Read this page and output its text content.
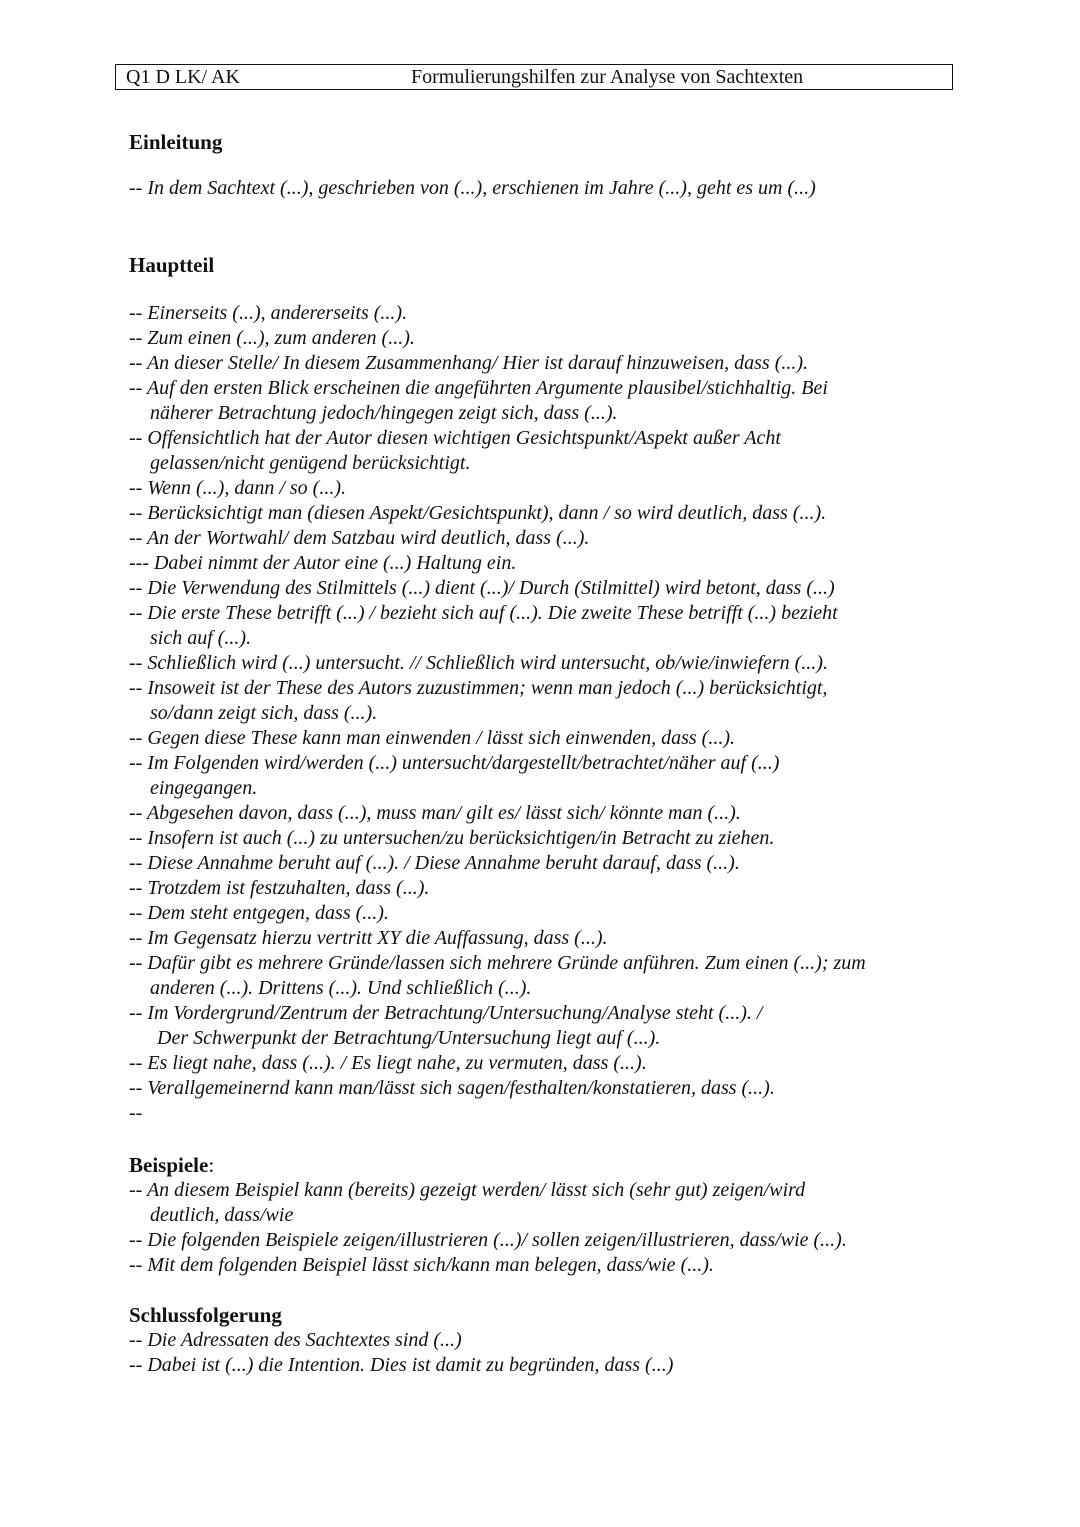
Q1 D LK/ AK	Formulierungshilfen zur Analyse von Sachtexten
Einleitung
-- In dem Sachtext (...), geschrieben von (...), erschienen im Jahre (...), geht es um (...)
Hauptteil
-- Einerseits (...), andererseits (...).
-- Zum einen (...), zum anderen (...).
-- An dieser Stelle/ In diesem Zusammenhang/ Hier ist darauf hinzuweisen, dass (...).
-- Auf den ersten Blick erscheinen die angeführten Argumente plausibel/stichhaltig. Bei
näherer Betrachtung jedoch/hingegen zeigt sich, dass (...).
-- Offensichtlich hat der Autor diesen wichtigen Gesichtspunkt/Aspekt außer Acht
gelassen/nicht genügend berücksichtigt.
-- Wenn (...), dann / so (...).
-- Berücksichtigt man (diesen Aspekt/Gesichtspunkt), dann / so wird deutlich, dass (...).
-- An der Wortwahl/ dem Satzbau wird deutlich, dass (...).
--- Dabei nimmt der Autor eine (...) Haltung ein.
-- Die Verwendung des Stilmittels (...) dient (...)/ Durch (Stilmittel) wird betont, dass (...)
-- Die erste These betrifft (...) / bezieht sich auf (...). Die zweite These betrifft (...) bezieht
sich auf (...).
-- Schließlich wird (...) untersucht. // Schließlich wird untersucht, ob/wie/inwiefern (...).
-- Insoweit ist der These des Autors zuzustimmen; wenn man jedoch (...) berücksichtigt,
so/dann zeigt sich, dass (...).
-- Gegen diese These kann man einwenden / lässt sich einwenden, dass (...).
-- Im Folgenden wird/werden (...) untersucht/dargestellt/betrachtet/näher auf (...)
eingegangen.
-- Abgesehen davon, dass (...), muss man/ gilt es/ lässt sich/ könnte man (...).
-- Insofern ist auch (...) zu untersuchen/zu berücksichtigen/in Betracht zu ziehen.
-- Diese Annahme beruht auf (...). / Diese Annahme beruht darauf, dass (...).
-- Trotzdem ist festzuhalten, dass (...).
-- Dem steht entgegen, dass (...).
-- Im Gegensatz hierzu vertritt XY die Auffassung, dass (...).
-- Dafür gibt es mehrere Gründe/lassen sich mehrere Gründe anführen. Zum einen (...); zum
anderen (...). Drittens (...). Und schließlich (...).
-- Im Vordergrund/Zentrum der Betrachtung/Untersuchung/Analyse steht (...). /
Der Schwerpunkt der Betrachtung/Untersuchung liegt auf (...).
-- Es liegt nahe, dass (...). / Es liegt nahe, zu vermuten, dass (...).
-- Verallgemeinernd kann man/lässt sich sagen/festhalten/konstatieren, dass (...).
--
Beispiele:
-- An diesem Beispiel kann (bereits) gezeigt werden/ lässt sich (sehr gut) zeigen/wird
deutlich, dass/wie
-- Die folgenden Beispiele zeigen/illustrieren (...)/ sollen zeigen/illustrieren, dass/wie (...).
-- Mit dem folgenden Beispiel lässt sich/kann man belegen, dass/wie (...).
Schlussfolgerung
-- Die Adressaten des Sachtextes sind (...)
-- Dabei ist (...) die Intention. Dies ist damit zu begründen, dass (...)
